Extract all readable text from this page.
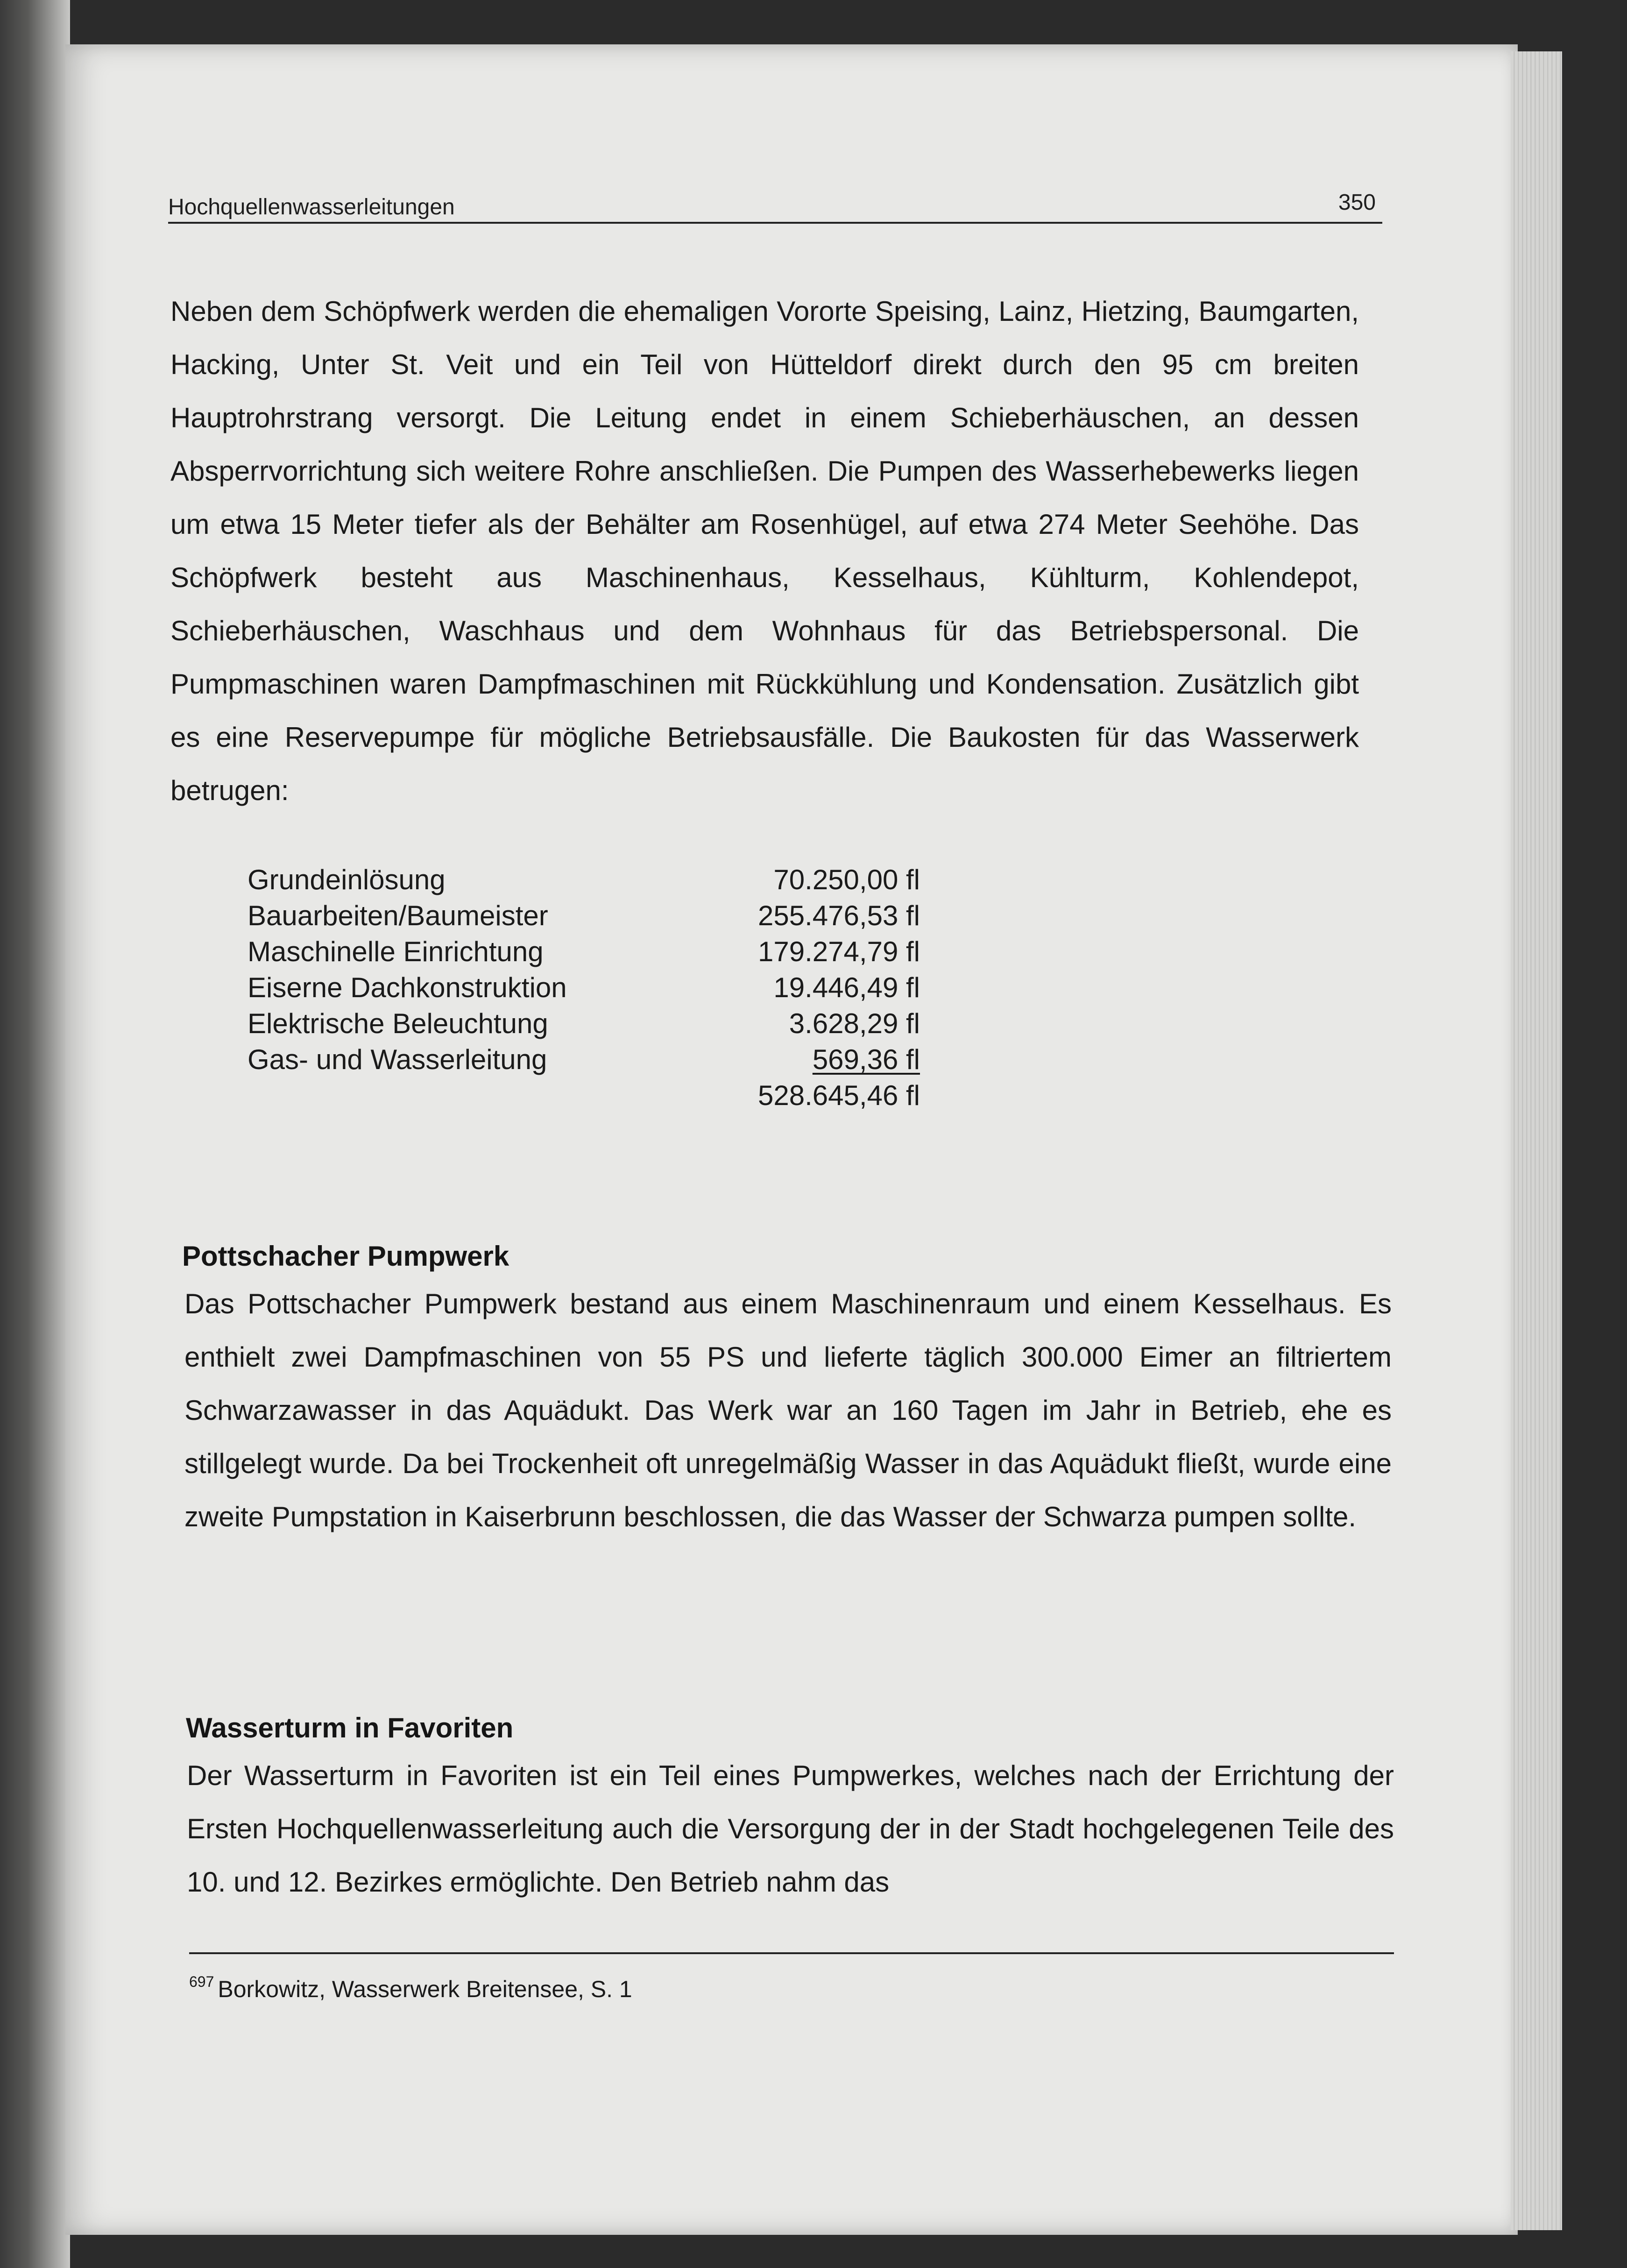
Hochquellenwasserleitungen	350

Neben dem Schöpfwerk werden die ehemaligen Vororte Speising, Lainz, Hietzing, Baumgarten, Hacking, Unter St. Veit und ein Teil von Hütteldorf direkt durch den 95 cm breiten Hauptrohrstrang versorgt. Die Leitung endet in einem Schieberhäuschen, an dessen Absperrvorrichtung sich weitere Rohre anschließen. Die Pumpen des Wasserhebewerks liegen um etwa 15 Meter tiefer als der Behälter am Rosenhügel, auf etwa 274 Meter Seehöhe. Das Schöpfwerk besteht aus Maschinenhaus, Kesselhaus, Kühlturm, Kohlendepot, Schieberhäuschen, Waschhaus und dem Wohnhaus für das Betriebspersonal. Die Pumpmaschinen waren Dampfmaschinen mit Rückkühlung und Kondensation. Zusätzlich gibt es eine Reservepumpe für mögliche Betriebsausfälle. Die Baukosten für das Wasserwerk betrugen:

Grundeinlösung	70.250,00 fl
Bauarbeiten/Baumeister	255.476,53 fl
Maschinelle Einrichtung	179.274,79 fl
Eiserne Dachkonstruktion	19.446,49 fl
Elektrische Beleuchtung	3.628,29 fl
Gas- und Wasserleitung	569,36 fl
528.645,46 fl
Pottschacher Pumpwerk

Das Pottschacher Pumpwerk bestand aus einem Maschinenraum und einem Kesselhaus. Es enthielt zwei Dampfmaschinen von 55 PS und lieferte täglich 300.000 Eimer an filtriertem Schwarzawasser in das Aquädukt. Das Werk war an 160 Tagen im Jahr in Betrieb, ehe es stillgelegt wurde. Da bei Trockenheit oft unregelmäßig Wasser in das Aquädukt fließt, wurde eine zweite Pumpstation in Kaiserbrunn beschlossen, die das Wasser der Schwarza pumpen sollte.

Wasserturm in Favoriten

Der Wasserturm in Favoriten ist ein Teil eines Pumpwerkes, welches nach der Errichtung der Ersten Hochquellenwasserleitung auch die Versorgung der in der Stadt hochgelegenen Teile des 10. und 12. Bezirkes ermöglichte. Den Betrieb nahm das

$^{697}$ Borkowitz, Wasserwerk Breitensee, S. 1
